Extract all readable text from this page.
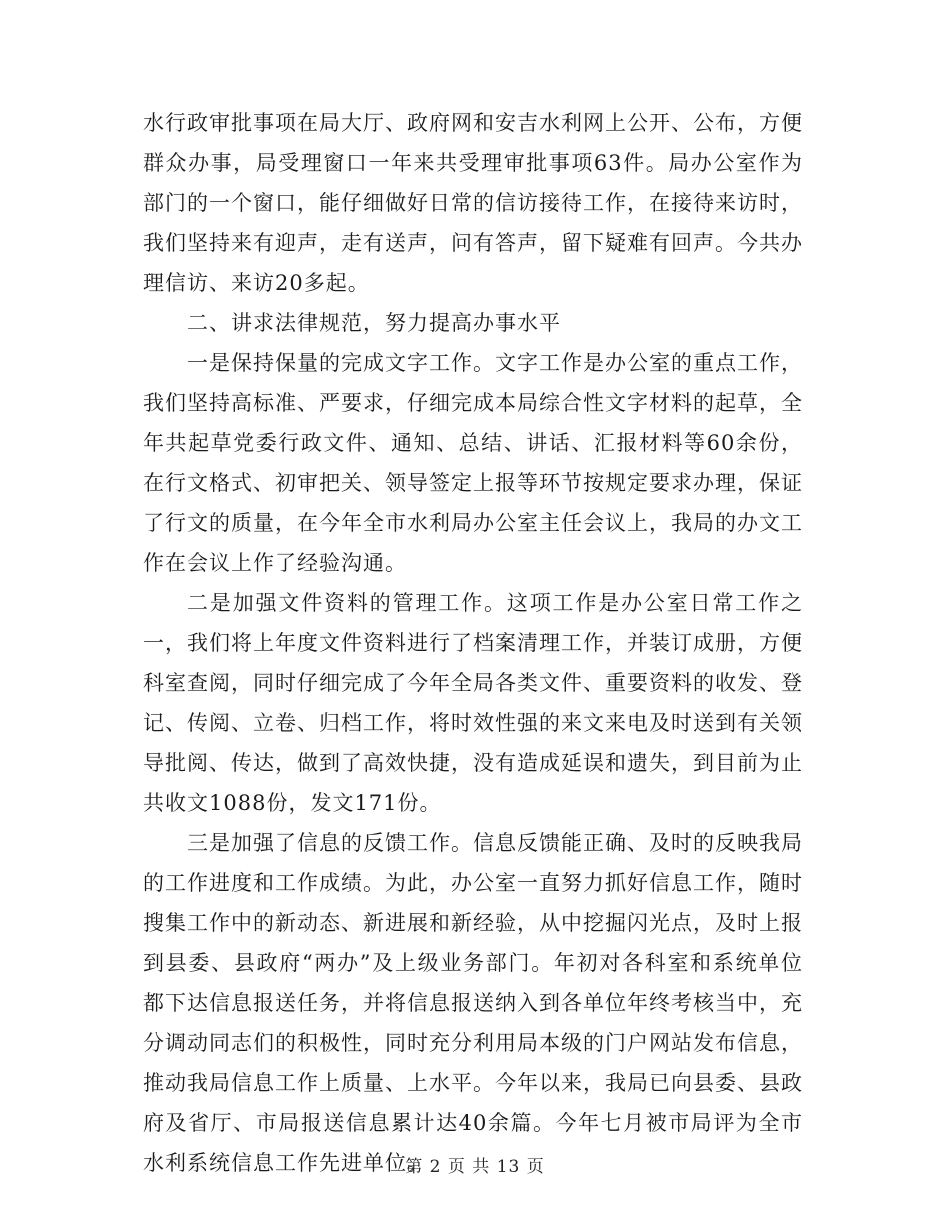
水行政审批事项在局大厅、政府网和安吉水利网上公开、公布，方便群众办事，局受理窗口一年来共受理审批事项63件。局办公室作为部门的一个窗口，能仔细做好日常的信访接待工作，在接待来访时，我们坚持来有迎声，走有送声，问有答声，留下疑难有回声。今共办理信访、来访20多起。

二、讲求法律规范，努力提高办事水平

一是保持保量的完成文字工作。文字工作是办公室的重点工作，我们坚持高标准、严要求，仔细完成本局综合性文字材料的起草，全年共起草党委行政文件、通知、总结、讲话、汇报材料等60余份，在行文格式、初审把关、领导签定上报等环节按规定要求办理，保证了行文的质量，在今年全市水利局办公室主任会议上，我局的办文工作在会议上作了经验沟通。

二是加强文件资料的管理工作。这项工作是办公室日常工作之一，我们将上年度文件资料进行了档案清理工作，并装订成册，方便科室查阅，同时仔细完成了今年全局各类文件、重要资料的收发、登记、传阅、立卷、归档工作，将时效性强的来文来电及时送到有关领导批阅、传达，做到了高效快捷，没有造成延误和遗失，到目前为止共收文1088份，发文171份。

三是加强了信息的反馈工作。信息反馈能正确、及时的反映我局的工作进度和工作成绩。为此，办公室一直努力抓好信息工作，随时搜集工作中的新动态、新进展和新经验，从中挖掘闪光点，及时上报到县委、县政府“两办”及上级业务部门。年初对各科室和系统单位都下达信息报送任务，并将信息报送纳入到各单位年终考核当中，充分调动同志们的积极性，同时充分利用局本级的门户网站发布信息，推动我局信息工作上质量、上水平。今年以来，我局已向县委、县政府及省厅、市局报送信息累计达40余篇。今年七月被市局评为全市水利系统信息工作先进单位。

第 2 页 共 13 页
